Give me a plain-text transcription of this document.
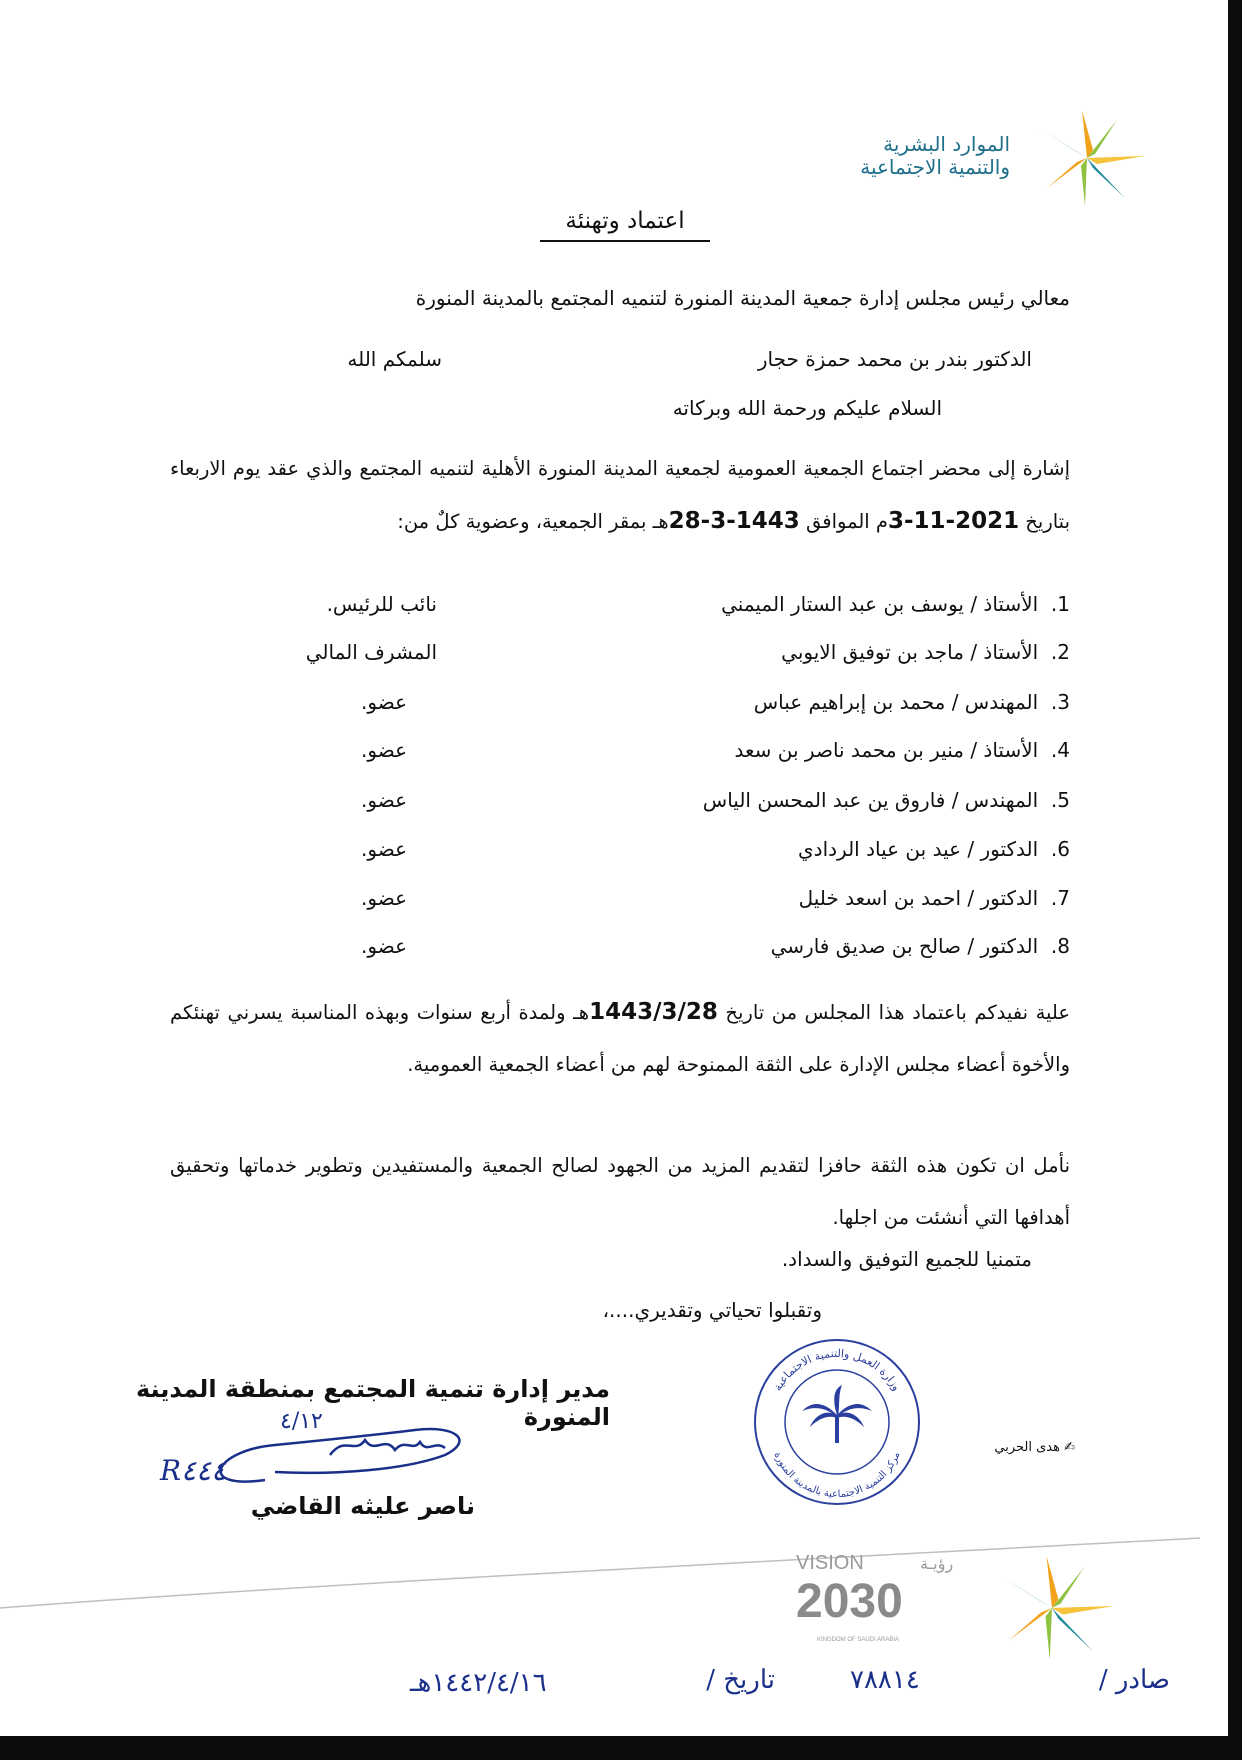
الموارد البشرية
والتنمية الاجتماعية
اعتماد وتهنئة
معالي رئيس مجلس إدارة جمعية المدينة المنورة لتنميه المجتمع بالمدينة المنورة
الدكتور بندر بن محمد حمزة حجار
سلمكم الله
السلام عليكم ورحمة الله وبركاته
إشارة إلى محضر اجتماع الجمعية العمومية لجمعية المدينة المنورة الأهلية لتنميه المجتمع والذي عقد يوم الاربعاء بتاريخ 3-11-2021م الموافق 28-3-1443هـ بمقر الجمعية، وعضوية كلٌ من:
1.  الأستاذ / يوسف بن عبد الستار الميمني
نائب للرئيس.
2.  الأستاذ / ماجد بن توفيق الايوبي
المشرف المالي
3.  المهندس / محمد بن إبراهيم عباس
عضو.
4.  الأستاذ / منير بن محمد ناصر بن سعد
عضو.
5.  المهندس / فاروق ين عبد المحسن الياس
عضو.
6.  الدكتور / عيد بن عياد الردادي
عضو.
7.  الدكتور / احمد بن اسعد خليل
عضو.
8.  الدكتور / صالح بن صديق فارسي
عضو.
علية نفيدكم باعتماد هذا المجلس من تاريخ 1443/3/28هـ ولمدة أربع سنوات وبهذه المناسبة يسرني تهنئكم والأخوة أعضاء مجلس الإدارة على الثقة الممنوحة لهم من أعضاء الجمعية العمومية.
نأمل ان تكون هذه الثقة حافزا لتقديم المزيد من الجهود لصالح الجمعية والمستفيدين وتطوير خدماتها وتحقيق أهدافها التي أنشئت من اجلها.
متمنيا للجميع التوفيق والسداد.
وتقبلوا تحياتي وتقديري....،
مدير إدارة تنمية المجتمع بمنطقة المدينة المنورة
٤/١٢
R٤٤٤
ناصر عليثه القاضي
وزارة العمل والتنمية الاجتماعية
مركز التنمية الاجتماعية بالمدينة المنورة
✍ هدى الحربي
VISION	رؤيـة
2030
KINGDOM OF SAUDI ARABIA
صادر /
٧٨٨١٤
تاريخ /
١٤٤٢/٤/١٦هـ
